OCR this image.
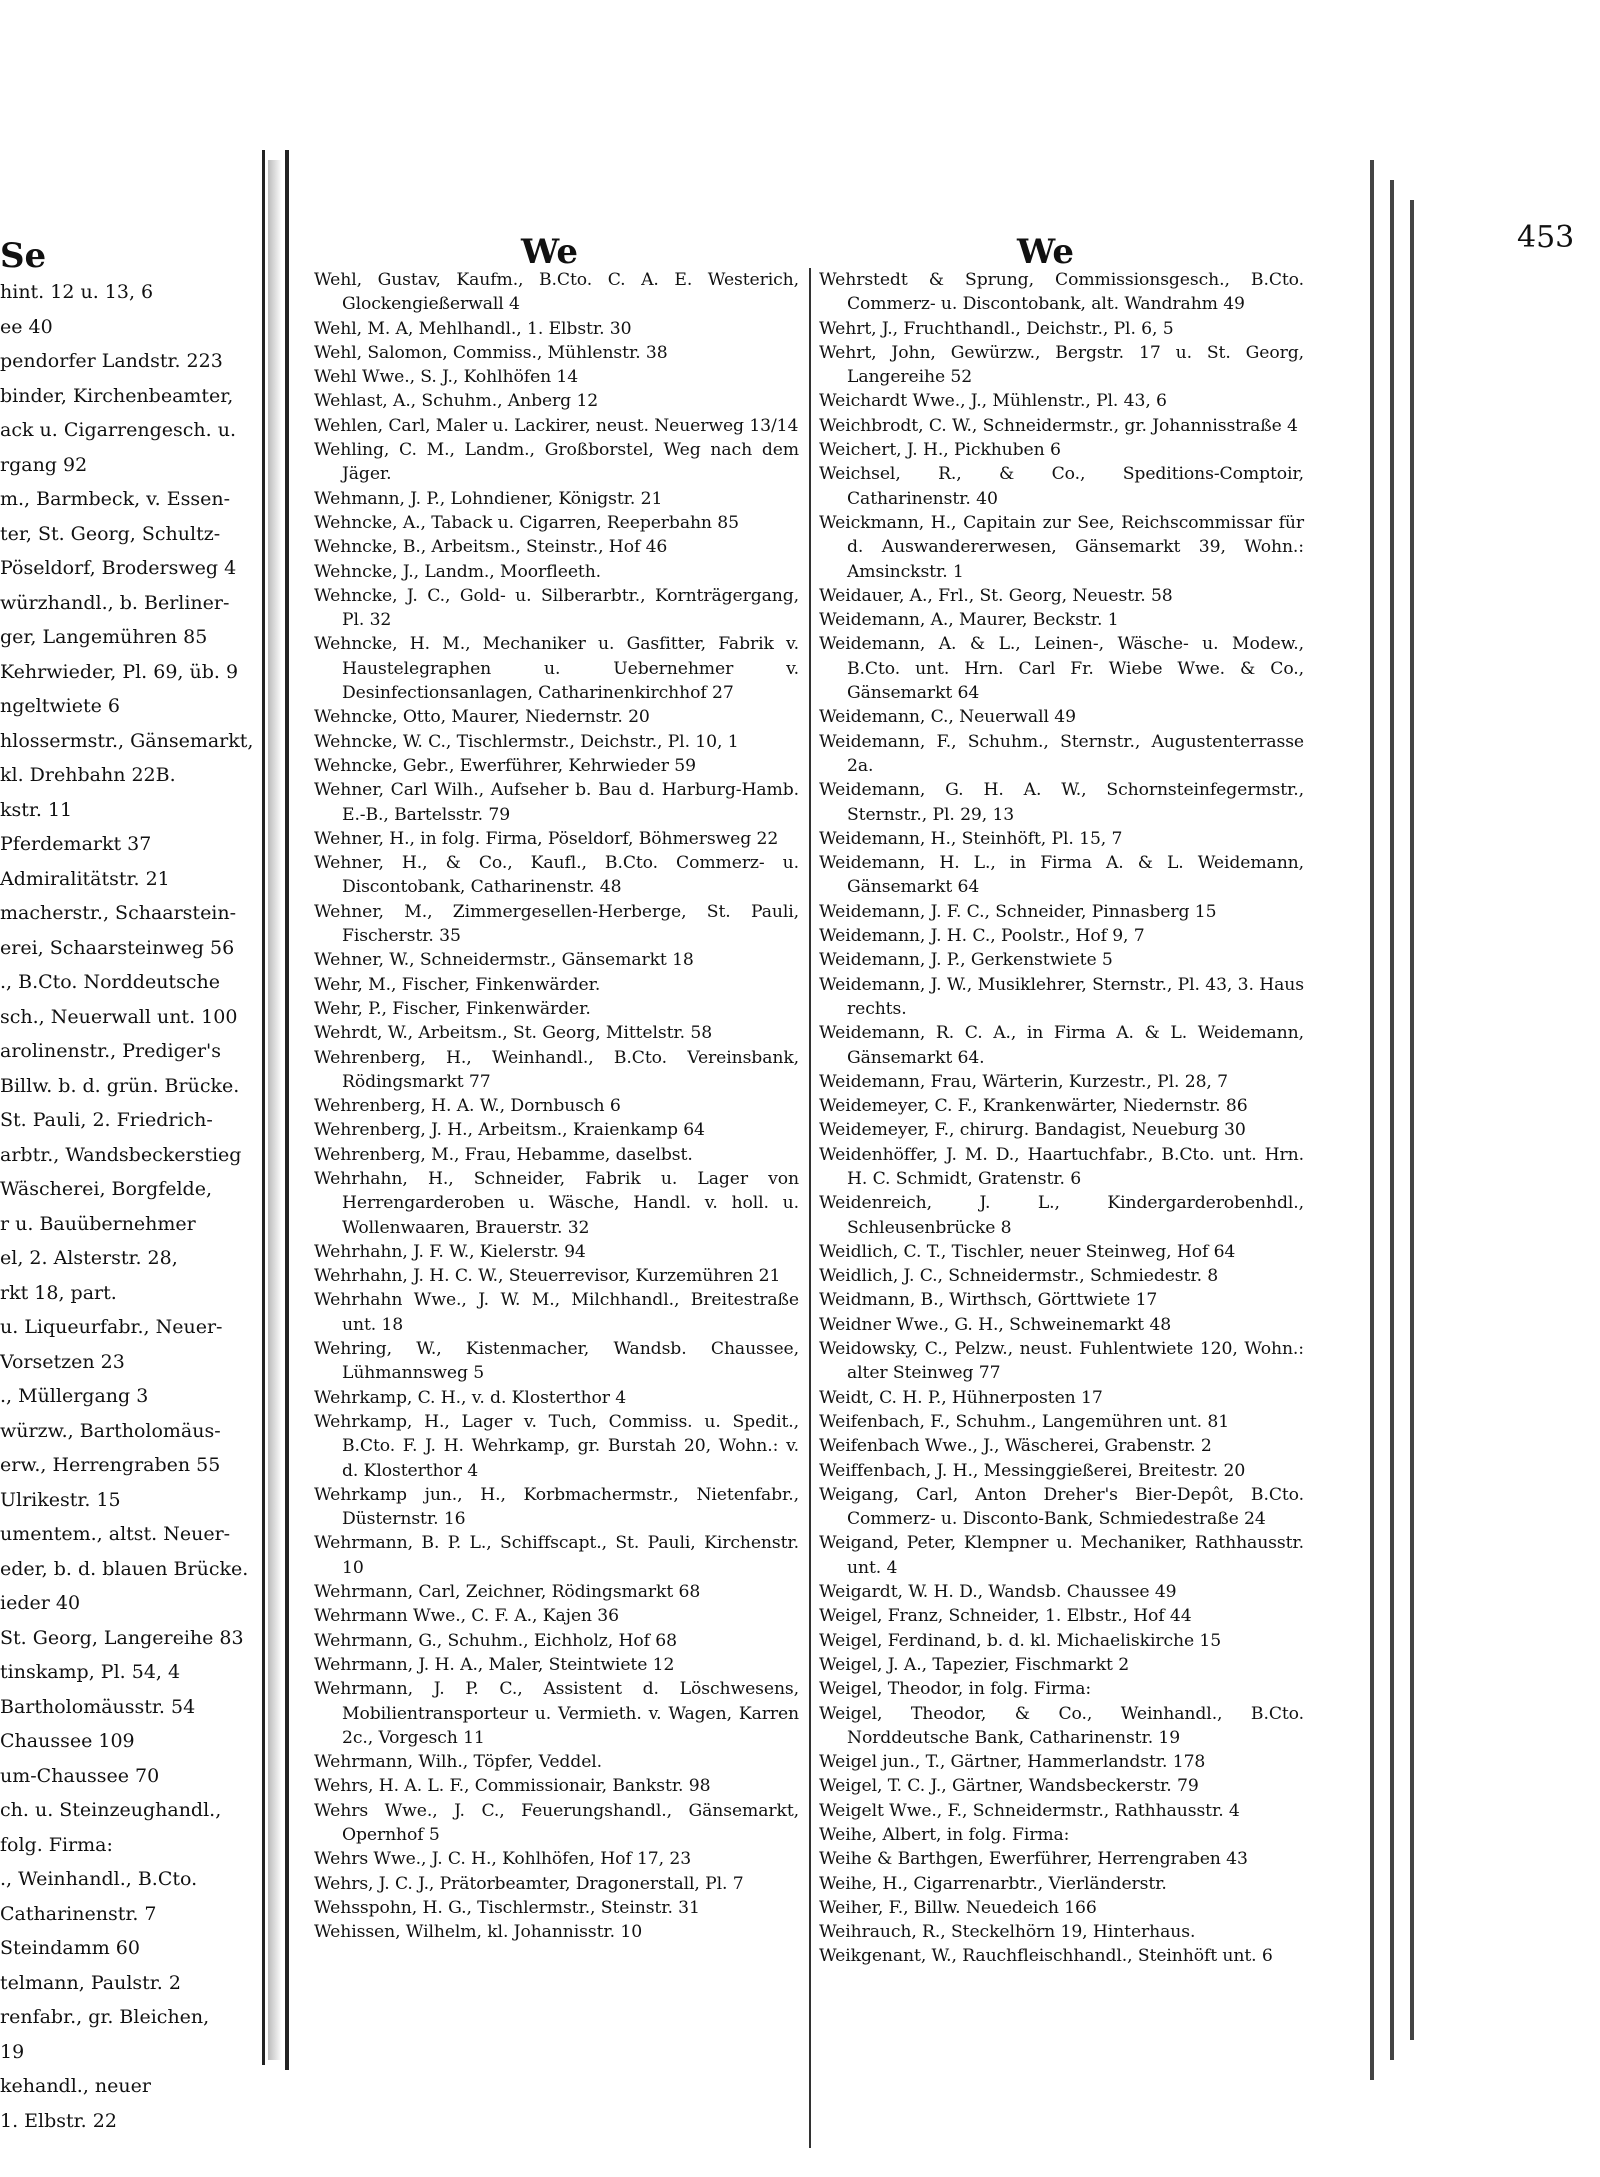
Se
hint. 12 u. 13, 6
ee 40
pendorfer Landstr. 223
binder, Kirchenbeamter,
ack u. Cigarrengesch. u.
rgang 92
m., Barmbeck, v. Essen-
ter, St. Georg, Schultz-
Pöseldorf, Brodersweg 4
würzhandl., b. Berliner-
ger, Langemühren 85
Kehrwieder, Pl. 69, üb. 9
ngeltwiete 6
hlossermstr., Gänsemarkt,
kl. Drehbahn 22B.
kstr. 11
Pferdemarkt 37
Admiralitätstr. 21
macherstr., Schaarstein-
erei, Schaarsteinweg 56
., B.Cto. Norddeutsche
sch., Neuerwall unt. 100
arolinenstr., Prediger's
Billw. b. d. grün. Brücke.
St. Pauli, 2. Friedrich-
arbtr., Wandsbeckerstieg
Wäscherei, Borgfelde,
r u. Bauübernehmer
el, 2. Alsterstr. 28,
rkt 18, part.
u. Liqueurfabr., Neuer-
Vorsetzen 23
., Müllergang 3
würzw., Bartholomäus-
erw., Herrengraben 55
Ulrikestr. 15
umentem., altst. Neuer-
eder, b. d. blauen Brücke.
ieder 40
St. Georg, Langereihe 83
tinskamp, Pl. 54, 4
Bartholomäusstr. 54
Chaussee 109
um-Chaussee 70
ch. u. Steinzeughandl.,
folg. Firma:
., Weinhandl., B.Cto.
Catharinenstr. 7
Steindamm 60
telmann, Paulstr. 2
renfabr., gr. Bleichen,
19
kehandl., neuer
1. Elbstr. 22
We	We	453

Wehl, Gustav, Kaufm., B.Cto. C. A. E. Westerich, Glockengießerwall 4

Wehl, M. A, Mehlhandl., 1. Elbstr. 30

Wehl, Salomon, Commiss., Mühlenstr. 38

Wehl Wwe., S. J., Kohlhöfen 14

Wehlast, A., Schuhm., Anberg 12

Wehlen, Carl, Maler u. Lackirer, neust. Neuerweg 13/14

Wehling, C. M., Landm., Großborstel, Weg nach dem Jäger.

Wehmann, J. P., Lohndiener, Königstr. 21

Wehncke, A., Taback u. Cigarren, Reeperbahn 85

Wehncke, B., Arbeitsm., Steinstr., Hof 46

Wehncke, J., Landm., Moorfleeth.

Wehncke, J. C., Gold- u. Silberarbtr., Kornträgergang, Pl. 32

Wehncke, H. M., Mechaniker u. Gasfitter, Fabrik v. Haustelegraphen u. Uebernehmer v. Desinfectionsanlagen, Catharinenkirchhof 27

Wehncke, Otto, Maurer, Niedernstr. 20

Wehncke, W. C., Tischlermstr., Deichstr., Pl. 10, 1

Wehncke, Gebr., Ewerführer, Kehrwieder 59

Wehner, Carl Wilh., Aufseher b. Bau d. Harburg-Hamb. E.-B., Bartelsstr. 79

Wehner, H., in folg. Firma, Pöseldorf, Böhmersweg 22

Wehner, H., & Co., Kaufl., B.Cto. Commerz- u. Discontobank, Catharinenstr. 48

Wehner, M., Zimmergesellen-Herberge, St. Pauli, Fischerstr. 35

Wehner, W., Schneidermstr., Gänsemarkt 18

Wehr, M., Fischer, Finkenwärder.

Wehr, P., Fischer, Finkenwärder.

Wehrdt, W., Arbeitsm., St. Georg, Mittelstr. 58

Wehrenberg, H., Weinhandl., B.Cto. Vereinsbank, Rödingsmarkt 77

Wehrenberg, H. A. W., Dornbusch 6

Wehrenberg, J. H., Arbeitsm., Kraienkamp 64

Wehrenberg, M., Frau, Hebamme, daselbst.

Wehrhahn, H., Schneider, Fabrik u. Lager von Herrengarderoben u. Wäsche, Handl. v. holl. u. Wollenwaaren, Brauerstr. 32

Wehrhahn, J. F. W., Kielerstr. 94

Wehrhahn, J. H. C. W., Steuerrevisor, Kurzemühren 21

Wehrhahn Wwe., J. W. M., Milchhandl., Breitestraße unt. 18

Wehring, W., Kistenmacher, Wandsb. Chaussee, Lühmannsweg 5

Wehrkamp, C. H., v. d. Klosterthor 4

Wehrkamp, H., Lager v. Tuch, Commiss. u. Spedit., B.Cto. F. J. H. Wehrkamp, gr. Burstah 20, Wohn.: v. d. Klosterthor 4

Wehrkamp jun., H., Korbmachermstr., Nietenfabr., Düsternstr. 16

Wehrmann, B. P. L., Schiffscapt., St. Pauli, Kirchenstr. 10

Wehrmann, Carl, Zeichner, Rödingsmarkt 68

Wehrmann Wwe., C. F. A., Kajen 36

Wehrmann, G., Schuhm., Eichholz, Hof 68

Wehrmann, J. H. A., Maler, Steintwiete 12

Wehrmann, J. P. C., Assistent d. Löschwesens, Mobilientransporteur u. Vermieth. v. Wagen, Karren 2c., Vorgesch 11

Wehrmann, Wilh., Töpfer, Veddel.

Wehrs, H. A. L. F., Commissionair, Bankstr. 98

Wehrs Wwe., J. C., Feuerungshandl., Gänsemarkt, Opernhof 5

Wehrs Wwe., J. C. H., Kohlhöfen, Hof 17, 23

Wehrs, J. C. J., Prätorbeamter, Dragonerstall, Pl. 7

Wehsspohn, H. G., Tischlermstr., Steinstr. 31

Wehissen, Wilhelm, kl. Johannisstr. 10

Wehrstedt & Sprung, Commissionsgesch., B.Cto. Commerz- u. Discontobank, alt. Wandrahm 49

Wehrt, J., Fruchthandl., Deichstr., Pl. 6, 5

Wehrt, John, Gewürzw., Bergstr. 17 u. St. Georg, Langereihe 52

Weichardt Wwe., J., Mühlenstr., Pl. 43, 6

Weichbrodt, C. W., Schneidermstr., gr. Johannisstraße 4

Weichert, J. H., Pickhuben 6

Weichsel, R., & Co., Speditions-Comptoir, Catharinenstr. 40

Weickmann, H., Capitain zur See, Reichscommissar für d. Auswandererwesen, Gänsemarkt 39, Wohn.: Amsinckstr. 1

Weidauer, A., Frl., St. Georg, Neuestr. 58

Weidemann, A., Maurer, Beckstr. 1

Weidemann, A. & L., Leinen-, Wäsche- u. Modew., B.Cto. unt. Hrn. Carl Fr. Wiebe Wwe. & Co., Gänsemarkt 64

Weidemann, C., Neuerwall 49

Weidemann, F., Schuhm., Sternstr., Augustenterrasse 2a.

Weidemann, G. H. A. W., Schornsteinfegermstr., Sternstr., Pl. 29, 13

Weidemann, H., Steinhöft, Pl. 15, 7

Weidemann, H. L., in Firma A. & L. Weidemann, Gänsemarkt 64

Weidemann, J. F. C., Schneider, Pinnasberg 15

Weidemann, J. H. C., Poolstr., Hof 9, 7

Weidemann, J. P., Gerkenstwiete 5

Weidemann, J. W., Musiklehrer, Sternstr., Pl. 43, 3. Haus rechts.

Weidemann, R. C. A., in Firma A. & L. Weidemann, Gänsemarkt 64.

Weidemann, Frau, Wärterin, Kurzestr., Pl. 28, 7

Weidemeyer, C. F., Krankenwärter, Niedernstr. 86

Weidemeyer, F., chirurg. Bandagist, Neueburg 30

Weidenhöffer, J. M. D., Haartuchfabr., B.Cto. unt. Hrn. H. C. Schmidt, Gratenstr. 6

Weidenreich, J. L., Kindergarderobenhdl., Schleusenbrücke 8

Weidlich, C. T., Tischler, neuer Steinweg, Hof 64

Weidlich, J. C., Schneidermstr., Schmiedestr. 8

Weidmann, B., Wirthsch, Görttwiete 17

Weidner Wwe., G. H., Schweinemarkt 48

Weidowsky, C., Pelzw., neust. Fuhlentwiete 120, Wohn.: alter Steinweg 77

Weidt, C. H. P., Hühnerposten 17

Weifenbach, F., Schuhm., Langemühren unt. 81

Weifenbach Wwe., J., Wäscherei, Grabenstr. 2

Weiffenbach, J. H., Messinggießerei, Breitestr. 20

Weigang, Carl, Anton Dreher's Bier-Depôt, B.Cto. Commerz- u. Disconto-Bank, Schmiedestraße 24

Weigand, Peter, Klempner u. Mechaniker, Rathhausstr. unt. 4

Weigardt, W. H. D., Wandsb. Chaussee 49

Weigel, Franz, Schneider, 1. Elbstr., Hof 44

Weigel, Ferdinand, b. d. kl. Michaeliskirche 15

Weigel, J. A., Tapezier, Fischmarkt 2

Weigel, Theodor, in folg. Firma:

Weigel, Theodor, & Co., Weinhandl., B.Cto. Norddeutsche Bank, Catharinenstr. 19

Weigel jun., T., Gärtner, Hammerlandstr. 178

Weigel, T. C. J., Gärtner, Wandsbeckerstr. 79

Weigelt Wwe., F., Schneidermstr., Rathhausstr. 4

Weihe, Albert, in folg. Firma:

Weihe & Barthgen, Ewerführer, Herrengraben 43

Weihe, H., Cigarrenarbtr., Vierländerstr.

Weiher, F., Billw. Neuedeich 166

Weihrauch, R., Steckelhörn 19, Hinterhaus.

Weikgenant, W., Rauchfleischhandl., Steinhöft unt. 6
